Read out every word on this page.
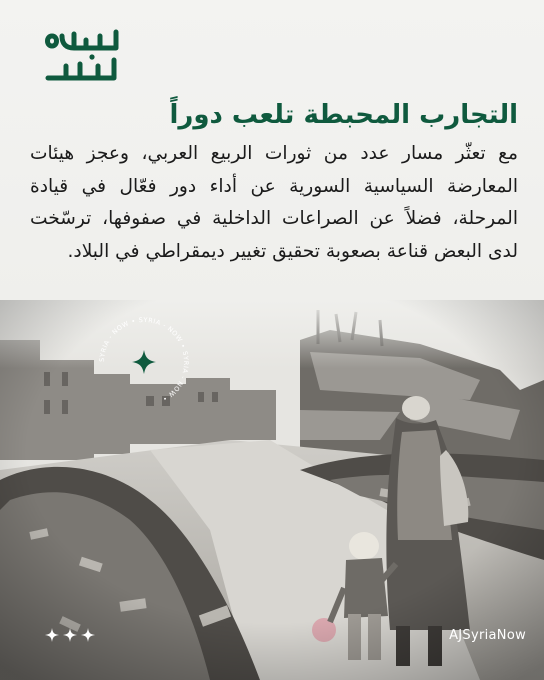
التجارب المحبطة تلعب دوراً

مع تعثّر مسار عدد من ثورات الربيع العربي، وعجز هيئات المعارضة السياسية السورية عن أداء دور فعّال في قيادة المرحلة، فضلاً عن الصراعات الداخلية في صفوفها، ترسّخت لدى البعض قناعة بصعوبة تحقيق تغيير ديمقراطي في البلاد.

SYRIA - NOW • SYRIA - NOW • SYRIA - NOW •
AJSyriaNow
